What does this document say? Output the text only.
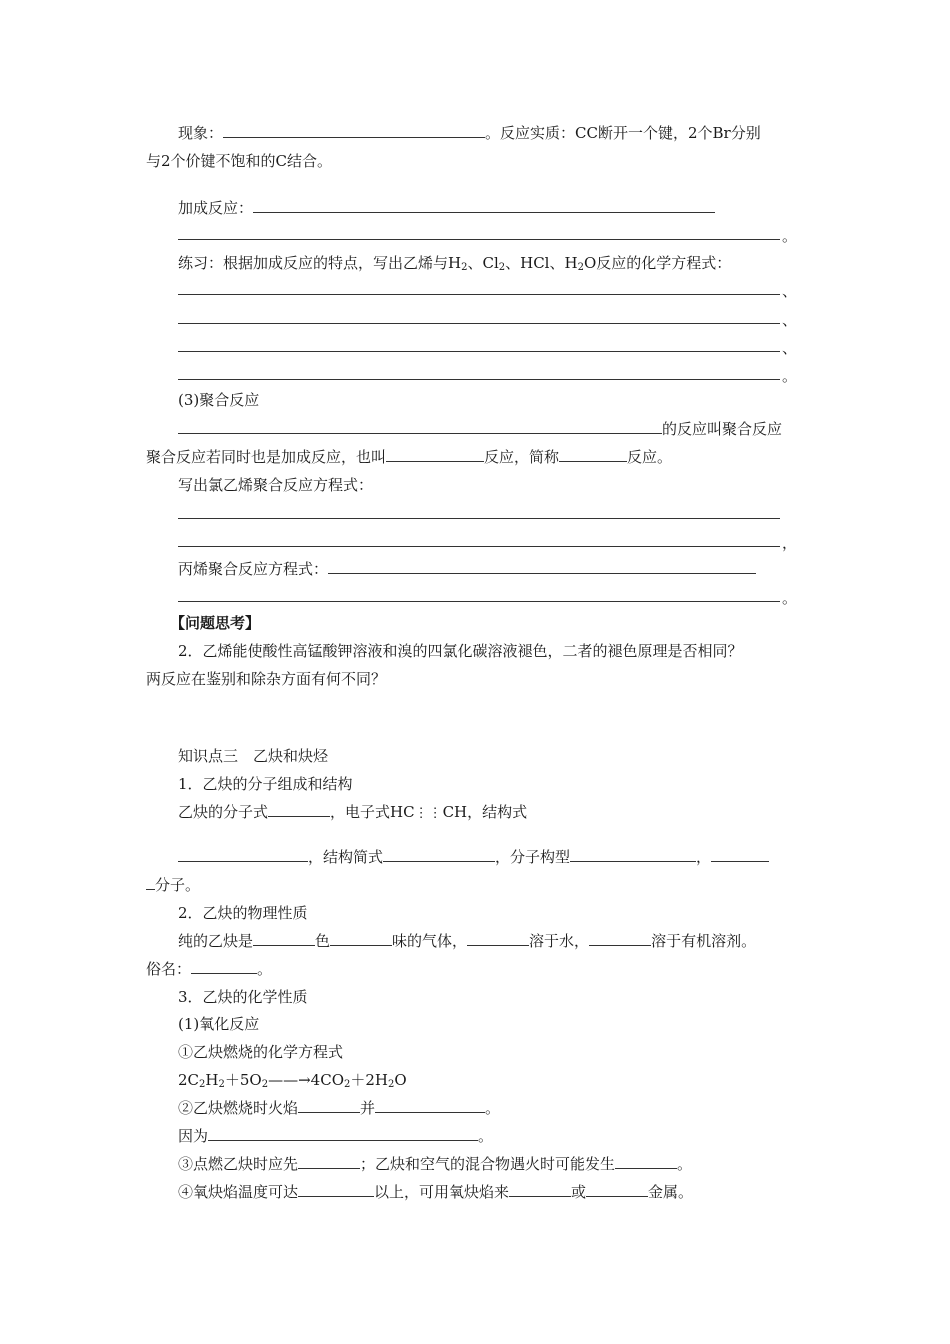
现象：	。反应实质：CC断开一个键，2个Br分别
与2个价键不饱和的C结合。
加成反应：
。
练习：根据加成反应的特点，写出乙烯与$H_2$、$Cl_2$、HCl、$H_2O$反应的化学方程式：
、
、
、
。
(3)聚合反应
的反应叫聚合反应
聚合反应若同时也是加成反应，也叫	反应，简称	反应。
写出氯乙烯聚合反应方程式：
，
丙烯聚合反应方程式：
。
【问题思考】
2．乙烯能使酸性高锰酸钾溶液和溴的四氯化碳溶液褪色，二者的褪色原理是否相同？
两反应在鉴别和除杂方面有何不同？
知识点三　乙炔和炔烃
1．乙炔的分子组成和结构
乙炔的分子式	，电子式HC⋮⋮CH，结构式
，结构简式	，分子构型	，
分子。
2．乙炔的物理性质
纯的乙炔是	色	味的气体，	溶于水，	溶于有机溶剂。
俗名：	。
3．乙炔的化学性质
(1)氧化反应
①乙炔燃烧的化学方程式
$2C_2H_2+5O_2——\to 4CO_2+2H_2O$
②乙炔燃烧时火焰	并	。
因为	。
③点燃乙炔时应先	；乙炔和空气的混合物遇火时可能发生	。
④氧炔焰温度可达	以上，可用氧炔焰来	或	金属。
